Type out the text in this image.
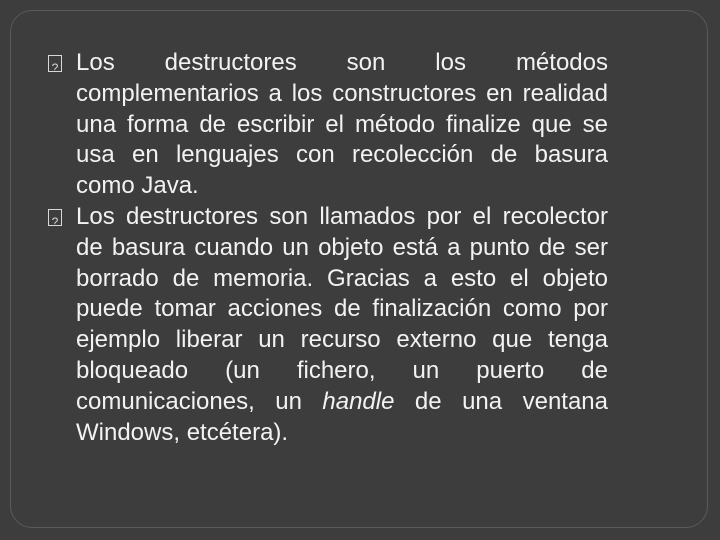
?
Los destructores son los métodos complementarios a los constructores en realidad una forma de escribir el método finalize que se usa en lenguajes con recolección de basura como Java.
?
Los destructores son llamados por el recolector de basura cuando un objeto está a punto de ser borrado de memoria. Gracias a esto el objeto puede tomar acciones de finalización como por ejemplo liberar un recurso externo que tenga bloqueado (un fichero, un puerto de comunicaciones, un handle de una ventana Windows, etcétera).
